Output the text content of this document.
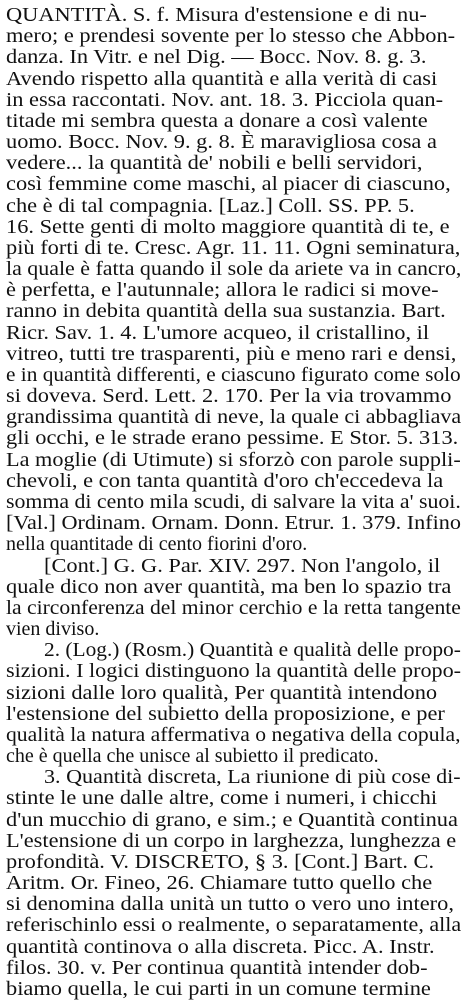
QUANTITÀ. S. f. Misura d'estensione e di nu-
mero; e prendesi sovente per lo stesso che Abbon-
danza. In Vitr. e nel Dig. — Bocc. Nov. 8. g. 3.
Avendo rispetto alla quantità e alla verità di casi
in essa raccontati. Nov. ant. 18. 3. Picciola quan-
titade mi sembra questa a donare a così valente
uomo. Bocc. Nov. 9. g. 8. È maravigliosa cosa a
vedere... la quantità de' nobili e belli servidori,
così femmine come maschi, al piacer di ciascuno,
che è di tal compagnia. [Laz.] Coll. SS. PP. 5.
16. Sette genti di molto maggiore quantità di te, e
più forti di te. Cresc. Agr. 11. 11. Ogni seminatura,
la quale è fatta quando il sole da ariete va in cancro,
è perfetta, e l'autunnale; allora le radici si move-
ranno in debita quantità della sua sustanzia. Bart.
Ricr. Sav. 1. 4. L'umore acqueo, il cristallino, il
vitreo, tutti tre trasparenti, più e meno rari e densi,
e in quantità differenti, e ciascuno figurato come solo
si doveva. Serd. Lett. 2. 170. Per la via trovammo
grandissima quantità di neve, la quale ci abbagliava
gli occhi, e le strade erano pessime. E Stor. 5. 313.
La moglie (di Utimute) si sforzò con parole suppli-
chevoli, e con tanta quantità d'oro ch'eccedeva la
somma di cento mila scudi, di salvare la vita a' suoi.
[Val.] Ordinam. Ornam. Donn. Etrur. 1. 379. Infino
nella quantitade di cento fiorini d'oro.
[Cont.] G. G. Par. XIV. 297. Non l'angolo, il
quale dico non aver quantità, ma ben lo spazio tra
la circonferenza del minor cerchio e la retta tangente
vien diviso.
2. (Log.) (Rosm.) Quantità e qualità delle propo-
sizioni. I logici distinguono la quantità delle propo-
sizioni dalle loro qualità, Per quantità intendono
l'estensione del subietto della proposizione, e per
qualità la natura affermativa o negativa della copula,
che è quella che unisce al subietto il predicato.
3. Quantità discreta, La riunione di più cose di-
stinte le une dalle altre, come i numeri, i chicchi
d'un mucchio di grano, e sim.; e Quantità continua
L'estensione di un corpo in larghezza, lunghezza e
profondità. V. DISCRETO, § 3. [Cont.] Bart. C.
Aritm. Or. Fineo, 26. Chiamare tutto quello che
si denomina dalla unità un tutto o vero uno intero,
referischinlo essi o realmente, o separatamente, alla
quantità continova o alla discreta. Picc. A. Instr.
filos. 30. v. Per continua quantità intender dob-
biamo quella, le cui parti in un comune termine
